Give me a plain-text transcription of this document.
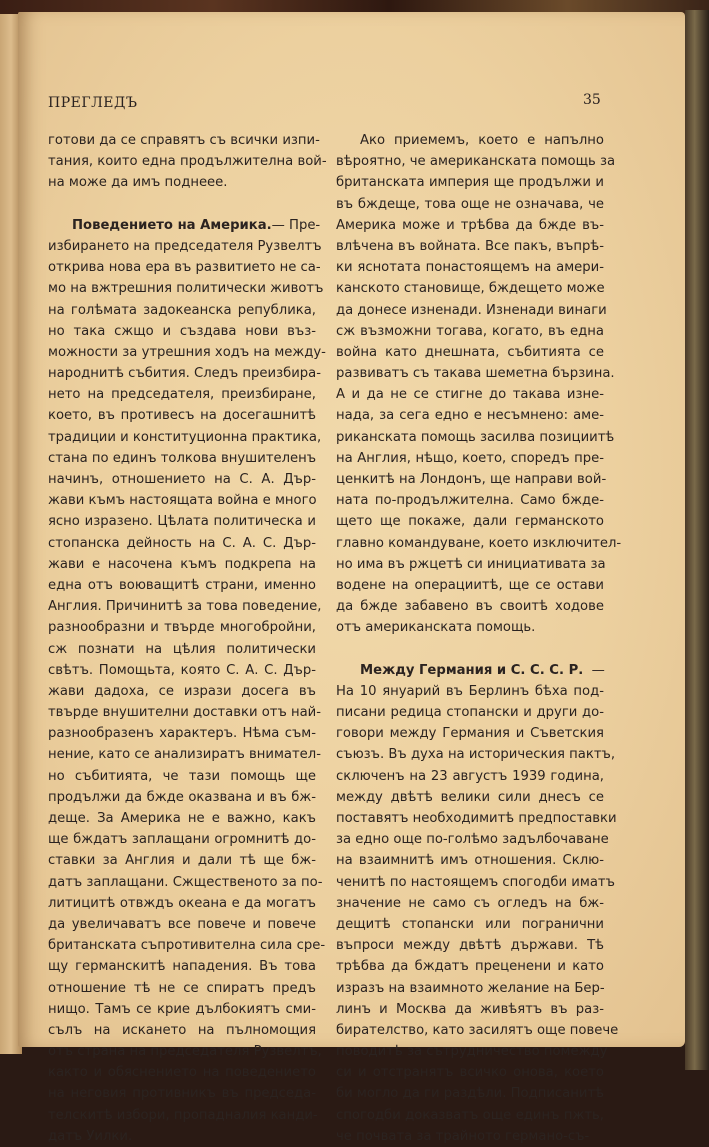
ПРЕГЛЕДЪ	35
готови да се справятъ съ всички изпи-
тания, които една продължителна вой-
на може да имъ поднеее.
Поведението на Америка.— Пре-
избирането на председателя Рузвелтъ
открива нова ера въ развитието не са-
мо на вжтрешния политически животъ
на голѣмата задокеанска република,
но така сжщо и създава нови въз-
можности за утрешния ходъ на между-
народнитѣ събития. Следъ преизбира-
нето на председателя, преизбиране,
което, въ противесъ на досегашнитѣ
традиции и конституционна практика,
стана по единъ толкова внушителенъ
начинъ, отношението на С. А. Дър-
жави къмъ настоящата война е много
ясно изразено. Цѣлата политическа и
стопанска дейность на С. А. С. Дър-
жави е насочена къмъ подкрепа на
една отъ воюващитѣ страни, именно
Англия. Причинитѣ за това поведение,
разнообразни и твърде многобройни,
сж познати на цѣлия политически
свѣтъ. Помощьта, която С. А. С. Дър-
жави дадоха, се изрази досега въ
твърде внушителни доставки отъ най-
разнообразенъ характеръ. Нѣма съм-
нение, като се анализиратъ внимател-
но събитията, че тази помощь ще
продължи да бжде оказвана и въ бж-
деще. За Америка не е важно, какъ
ще бждатъ заплащани огромнитѣ до-
ставки за Англия и дали тѣ ще бж-
датъ заплащани. Сжщественото за по-
литицитѣ отвждъ океана е да могатъ
да увеличаватъ все повече и повече
британската съпротивителна сила сре-
щу германскитѣ нападения. Въ това
отношение тѣ не се спиратъ предъ
нищо. Тамъ се крие дълбокиятъ сми-
сълъ на искането на пълномощия
отъ страна на председателя Рузвелтъ,
както и обяснението на поведението
на неговия противникъ въ председа-
телскитѣ избори, пропадналия канди-
датъ Уилки.
Ако приемемъ, което е напълно
вѣроятно, че американската помощь за
британската империя ще продължи и
въ бждеще, това още не означава, че
Америка може и трѣбва да бжде въ-
влѣчена въ войната. Все пакъ, въпрѣ-
ки яснотата понастоящемъ на амери-
канското становище, бждещето може
да донесе изненади. Изненади винаги
сж възможни тогава, когато, въ една
война като днешната, събитията се
развиватъ съ такава шеметна бързина.
А и да не се стигне до такава изне-
нада, за сега едно е несъмнено: аме-
риканската помощь засилва позициитѣ
на Англия, нѣщо, което, споредъ пре-
ценкитѣ на Лондонъ, ще направи вой-
ната по-продължителна. Само бжде-
щето ще покаже, дали германското
главно командуване, което изключител-
но има въ ржцетѣ си инициативата за
водене на операциитѣ, ще се остави
да бжде забавено въ своитѣ ходове
отъ американската помощь.
Между Германия и С. С. С. Р. —
На 10 януарий въ Берлинъ бѣха под-
писани редица стопански и други до-
говори между Германия и Съветския
съюзъ. Въ духа на историческия пактъ,
сключенъ на 23 августъ 1939 година,
между двѣтѣ велики сили днесъ се
поставятъ необходимитѣ предпоставки
за едно още по-голѣмо задълбочаване
на взаимнитѣ имъ отношения. Склю-
ченитѣ по настоящемъ спогодби иматъ
значение не само съ огледъ на бж-
дещитѣ стопански или погранични
въпроси между двѣтѣ държави. Тѣ
трѣбва да бждатъ преценени и като
изразъ на взаимното желание на Бер-
линъ и Москва да живѣятъ въ раз-
бирателство, като засилятъ още повече
поводитѣ за сътрудничество помежду
си и отстранятъ всичко онова, което
би могло да ги раздѣли. Подписанитѣ
спогодби доказватъ още единъ пжть,
че почвата за трайното германо-съ-
